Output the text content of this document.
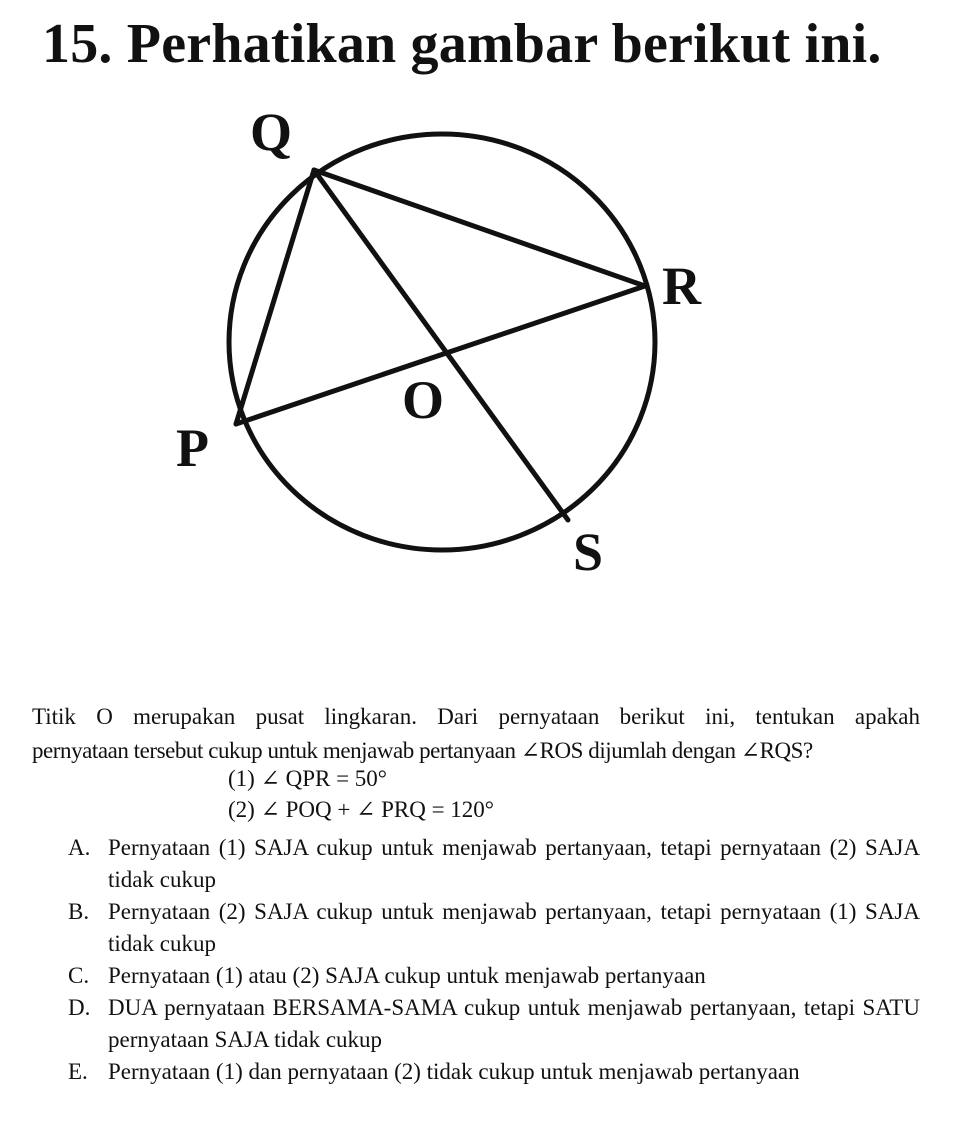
15. Perhatikan gambar berikut ini.
Q
R
O
P
S
Titik O merupakan pusat lingkaran. Dari pernyataan berikut ini, tentukan apakah
pernyataan tersebut cukup untuk menjawab pertanyaan ∠ROS dijumlah dengan ∠RQS?
(1) ∠ QPR = 50°
(2) ∠ POQ + ∠ PRQ = 120°
A. Pernyataan (1) SAJA cukup untuk menjawab pertanyaan, tetapi pernyataan (2) SAJA tidak cukup
B. Pernyataan (2) SAJA cukup untuk menjawab pertanyaan, tetapi pernyataan (1) SAJA tidak cukup
C. Pernyataan (1) atau (2) SAJA cukup untuk menjawab pertanyaan
D. DUA pernyataan BERSAMA-SAMA cukup untuk menjawab pertanyaan, tetapi SATU pernyataan SAJA tidak cukup
E. Pernyataan (1) dan pernyataan (2) tidak cukup untuk menjawab pertanyaan
